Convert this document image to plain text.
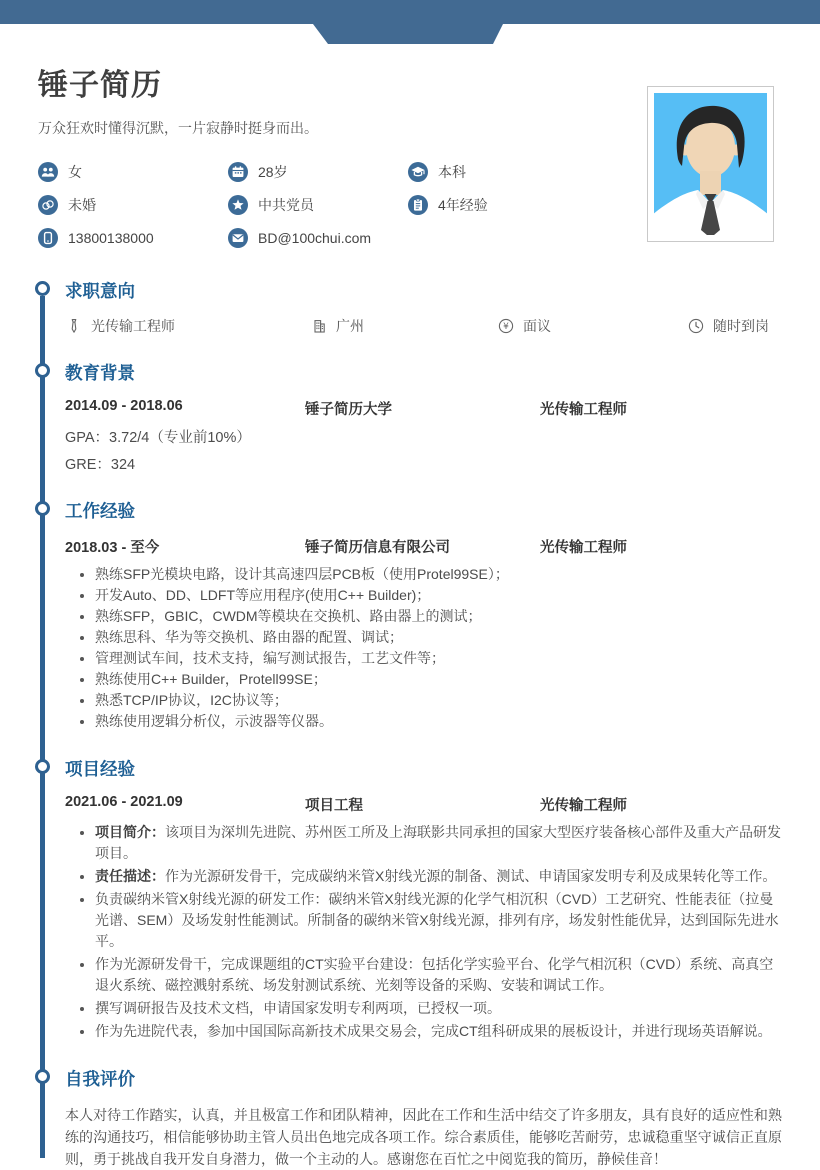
锤子简历

万众狂欢时懂得沉默，一片寂静时挺身而出。

女	28岁	本科
未婚	中共党员	4年经验
13800138000	BD@100chui.com
求职意向
光传输工程师	广州	¥ 面议	随时到岗
教育背景
2014.09 - 2018.06	锤子简历大学	光传输工程师

GPA：3.72/4（专业前10%）

GRE：324

工作经验
2018.03 - 至今	锤子简历信息有限公司	光传输工程师
• 熟练SFP光模块电路，设计其高速四层PCB板（使用Protel99SE）；
• 开发Auto、DD、LDFT等应用程序(使用C++ Builder)；
• 熟练SFP，GBIC，CWDM等模块在交换机、路由器上的测试；
• 熟练思科、华为等交换机、路由器的配置、调试；
• 管理测试车间，技术支持，编写测试报告，工艺文件等；
• 熟练使用C++ Builder，Protell99SE；
• 熟悉TCP/IP协议，I2C协议等；
• 熟练使用逻辑分析仪，示波器等仪器。
项目经验
2021.06 - 2021.09	项目工程	光传输工程师
• 项目简介：该项目为深圳先进院、苏州医工所及上海联影共同承担的国家大型医疗装备核心部件及重大产品研发项目。
• 责任描述：作为光源研发骨干，完成碳纳米管X射线光源的制备、测试、申请国家发明专利及成果转化等工作。
• 负责碳纳米管X射线光源的研发工作：碳纳米管X射线光源的化学气相沉积（CVD）工艺研究、性能表征（拉曼光谱、SEM）及场发射性能测试。所制备的碳纳米管X射线光源，排列有序，场发射性能优异，达到国际先进水平。
• 作为光源研发骨干，完成课题组的CT实验平台建设：包括化学实验平台、化学气相沉积（CVD）系统、高真空退火系统、磁控溅射系统、场发射测试系统、光刻等设备的采购、安装和调试工作。
• 撰写调研报告及技术文档，申请国家发明专利两项，已授权一项。
• 作为先进院代表，参加中国国际高新技术成果交易会，完成CT组科研成果的展板设计，并进行现场英语解说。
自我评价

本人对待工作踏实，认真，并且极富工作和团队精神，因此在工作和生活中结交了许多朋友，具有良好的适应性和熟练的沟通技巧，相信能够协助主管人员出色地完成各项工作。综合素质佳，能够吃苦耐劳，忠诚稳重坚守诚信正直原则，勇于挑战自我开发自身潜力，做一个主动的人。感谢您在百忙之中阅览我的简历，静候佳音！
